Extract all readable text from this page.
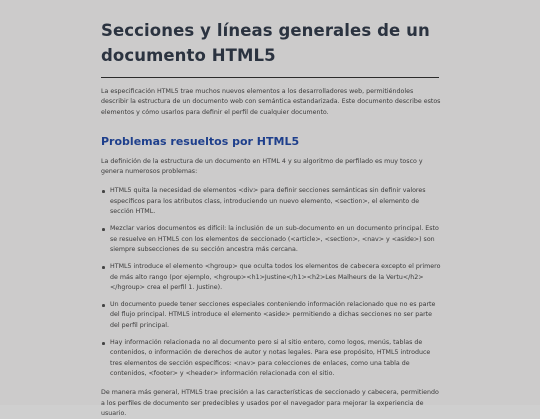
Secciones y líneas generales de un documento HTML5

La especificación HTML5 trae muchos nuevos elementos a los desarrolladores web, permitiéndoles describir la estructura de un documento web con semántica estandarizada. Este documento describe estos elementos y cómo usarlos para definir el perfil de cualquier documento.

Problemas resueltos por HTML5

La definición de la estructura de un documento en HTML 4 y su algoritmo de perfilado es muy tosco y genera numerosos problemas:

HTML5 quita la necesidad de elementos <div> para definir secciones semánticas sin definir valores específicos para los atributos class, introduciendo un nuevo elemento, <section>, el elemento de sección HTML.
Mezclar varios documentos es difícil: la inclusión de un sub-documento en un documento principal. Esto se resuelve en HTML5 con los elementos de seccionado (<article>, <section>, <nav> y <aside>) son siempre subsecciones de su sección ancestra más cercana.
HTML5 introduce el elemento <hgroup> que oculta todos los elementos de cabecera excepto el primero de más alto rango (por ejemplo, <hgroup><h1>Justine</h1><h2>Les Malheurs de la Vertu</h2></hgroup> crea el perfil 1. Justine).
Un documento puede tener secciones especiales conteniendo información relacionado que no es parte del flujo principal. HTML5 introduce el elemento <aside> permitiendo a dichas secciones no ser parte del perfil principal.
Hay información relacionada no al documento pero si al sitio entero, como logos, menús, tablas de contenidos, o información de derechos de autor y notas legales. Para ese propósito, HTML5 introduce tres elementos de sección específicos: <nav> para colecciones de enlaces, como una tabla de contenidos, <footer> y <header> información relacionada con el sitio.

De manera más general, HTML5 trae precisión a las características de seccionado y cabecera, permitiendo a los perfiles de documento ser predecibles y usados por el navegador para mejorar la experiencia de usuario.
